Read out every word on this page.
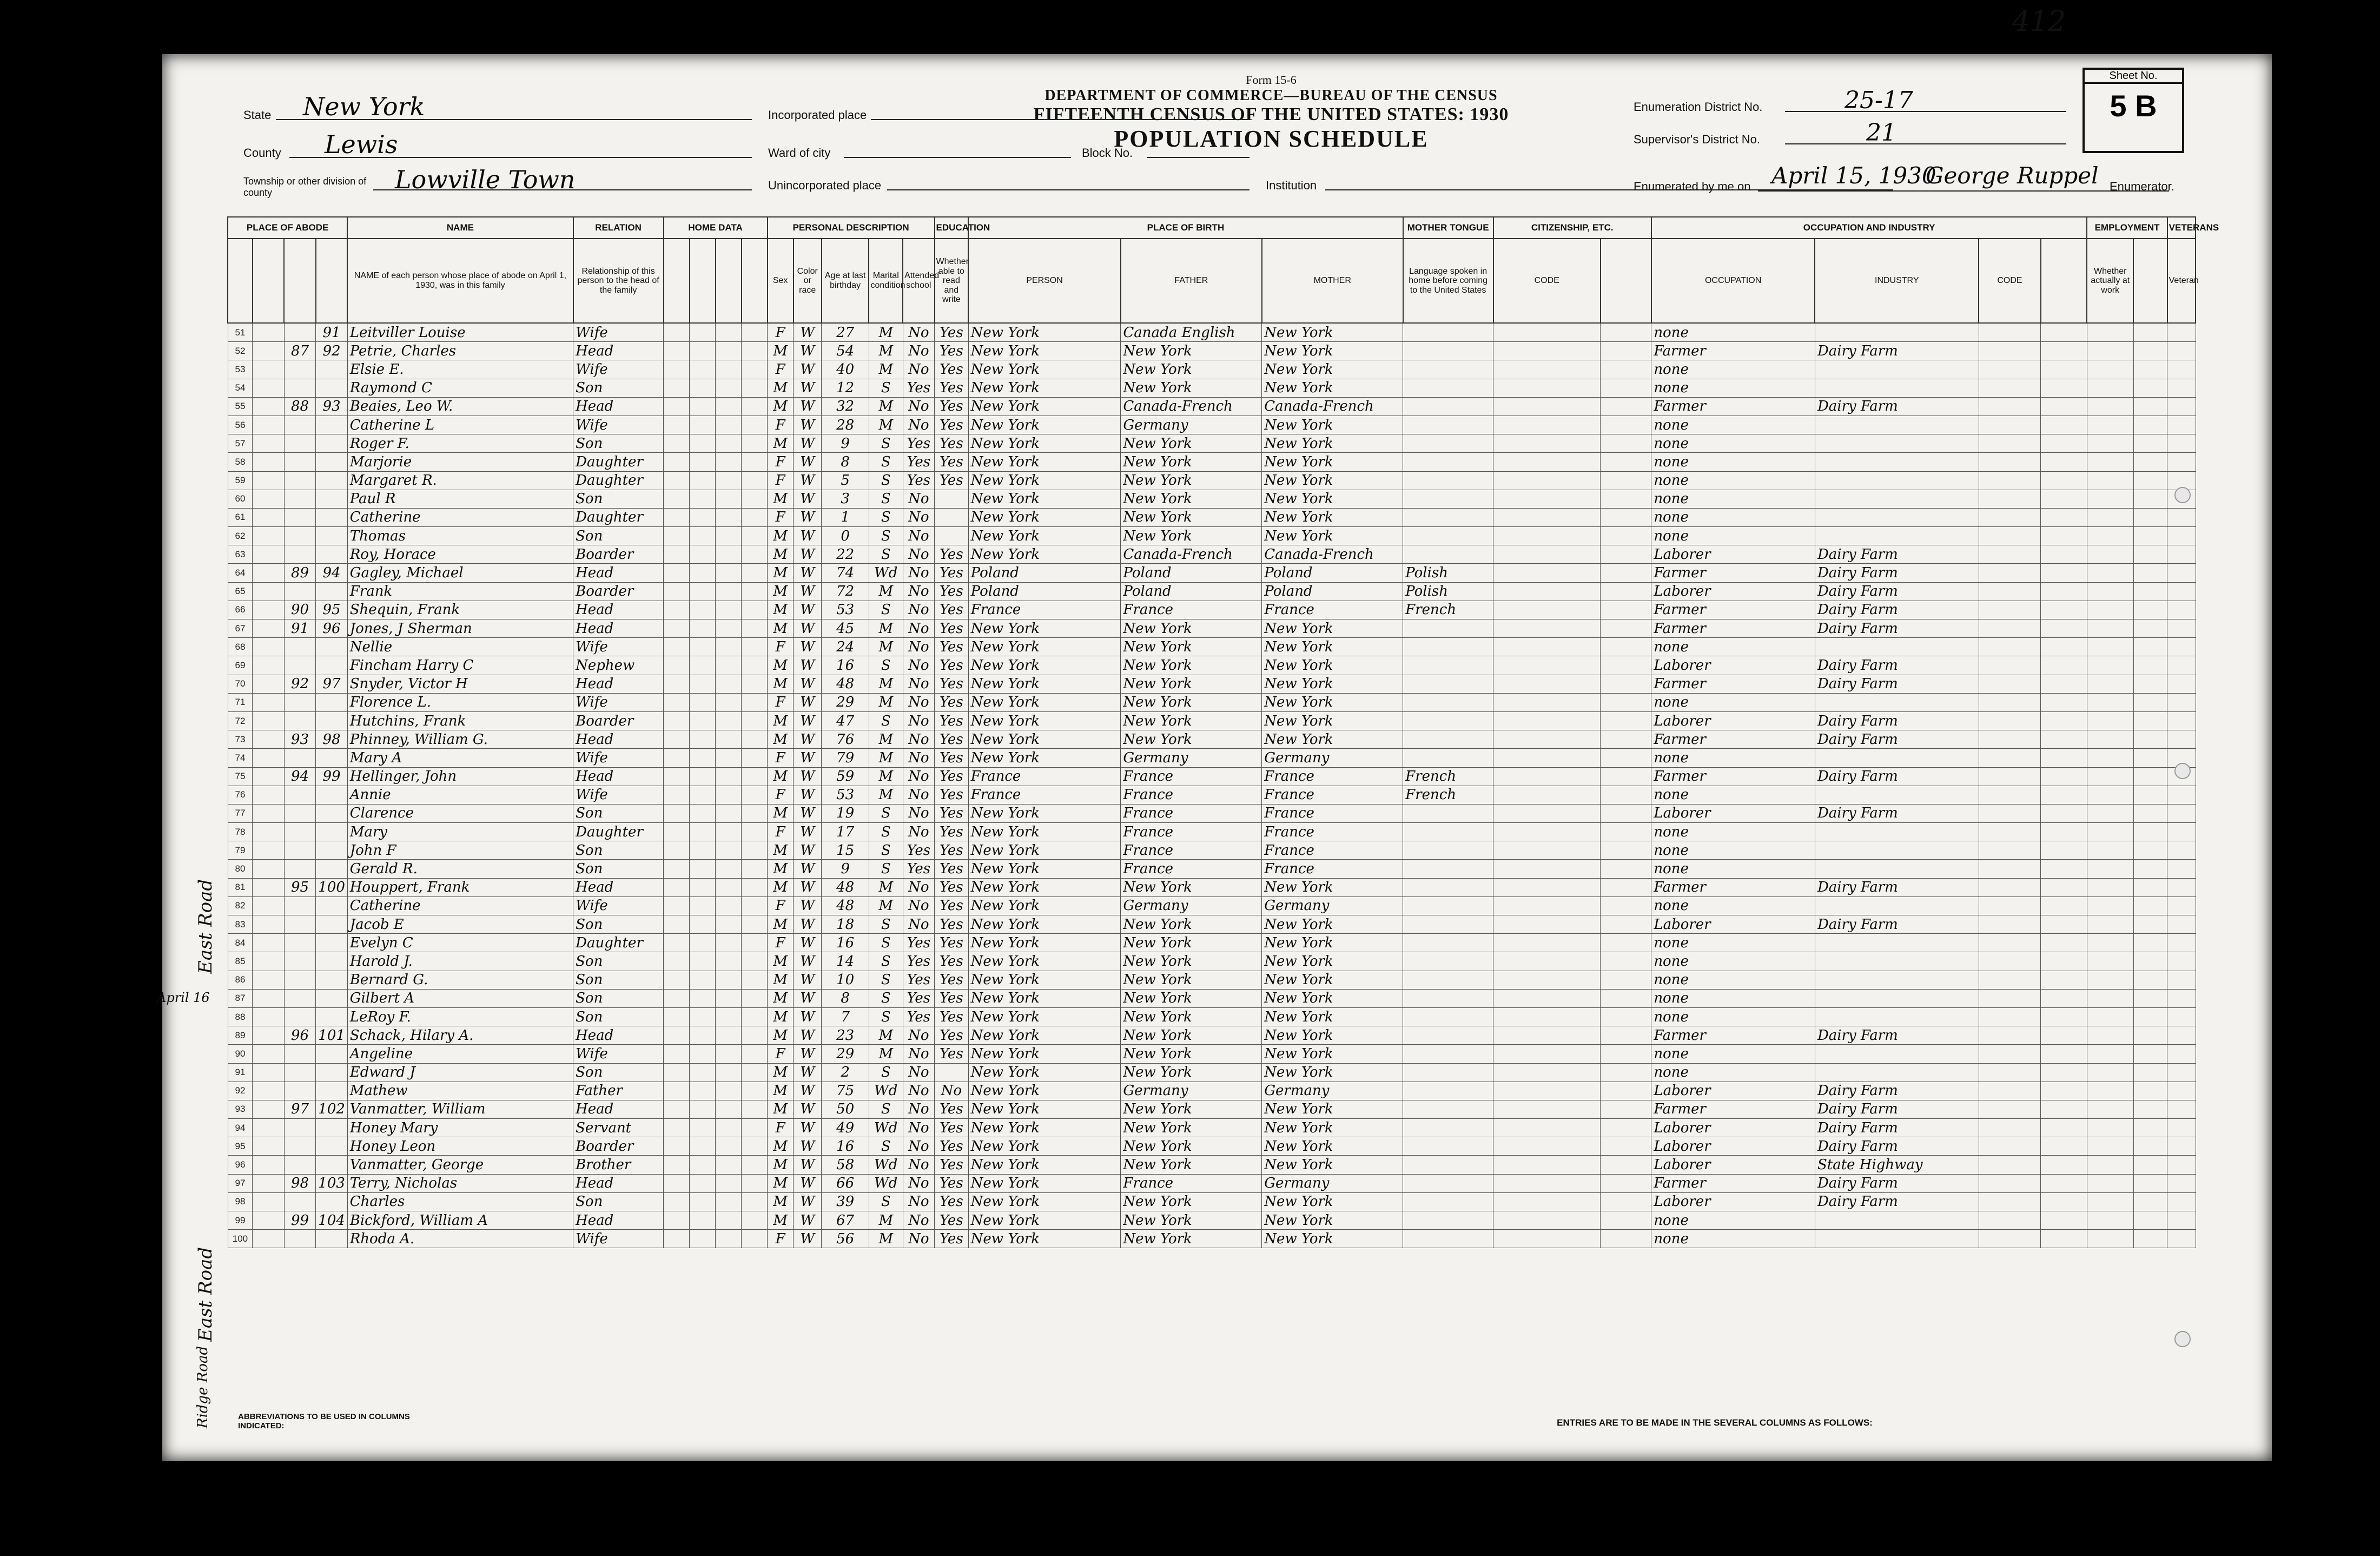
Form 15-6
DEPARTMENT OF COMMERCE—BUREAU OF THE CENSUS
FIFTEENTH CENSUS OF THE UNITED STATES: 1930
POPULATION SCHEDULE
State New York
County Lewis
Township or other division of county	Lowville Town
Incorporated place
Ward of city	Block No.
Unincorporated place	Institution
Enumeration District No.	25-17
Supervisor's District No.	21
Enumerated by me on April 15, 1930
George Ruppel Enumerator.
Sheet No.
5 B
PLACE OF ABODE				NAME	RELATION	HOME DATA				PERSONAL DESCRIPTION					EDUCATION	PLACE OF BIRTH			MOTHER TONGUE	CITIZENSHIP, ETC.		OCCUPATION AND INDUSTRY				EMPLOYMENT		VETERANS
				NAME of each person whose place of abode on April 1, 1930, was in this family	Relationship of this person to the head of the family					Sex	Color or race	Age at last birthday	Marital condition	Attended school	Whether able to read and write	PERSON	FATHER	MOTHER	Language spoken in home before coming to the United States	CODE		OCCUPATION	INDUSTRY	CODE		Whether actually at work		Veteran
51			91	Leitviller Louise	Wife					F	W	27	M	No	Yes	New York	Canada English	New York				none						
52		87	92	Petrie, Charles	Head					M	W	54	M	No	Yes	New York	New York	New York				Farmer	Dairy Farm					
53				Elsie E.	Wife					F	W	40	M	No	Yes	New York	New York	New York				none						
54				Raymond C	Son					M	W	12	S	Yes	Yes	New York	New York	New York				none						
55		88	93	Beaies, Leo W.	Head					M	W	32	M	No	Yes	New York	Canada-French	Canada-French				Farmer	Dairy Farm					
56				Catherine L	Wife					F	W	28	M	No	Yes	New York	Germany	New York				none						
57				Roger F.	Son					M	W	9	S	Yes	Yes	New York	New York	New York				none						
58				Marjorie	Daughter					F	W	8	S	Yes	Yes	New York	New York	New York				none						
59				Margaret R.	Daughter					F	W	5	S	Yes	Yes	New York	New York	New York				none						
60				Paul R	Son					M	W	3	S	No		New York	New York	New York				none						
61				Catherine	Daughter					F	W	1	S	No		New York	New York	New York				none						
62				Thomas	Son					M	W	0	S	No		New York	New York	New York				none						
63				Roy, Horace	Boarder					M	W	22	S	No	Yes	New York	Canada-French	Canada-French				Laborer	Dairy Farm					
64		89	94	Gagley, Michael	Head					M	W	74	Wd	No	Yes	Poland	Poland	Poland	Polish			Farmer	Dairy Farm					
65				Frank	Boarder					M	W	72	M	No	Yes	Poland	Poland	Poland	Polish			Laborer	Dairy Farm					
66		90	95	Shequin, Frank	Head					M	W	53	S	No	Yes	France	France	France	French			Farmer	Dairy Farm					
67		91	96	Jones, J Sherman	Head					M	W	45	M	No	Yes	New York	New York	New York				Farmer	Dairy Farm					
68				Nellie	Wife					F	W	24	M	No	Yes	New York	New York	New York				none						
69				Fincham Harry C	Nephew					M	W	16	S	No	Yes	New York	New York	New York				Laborer	Dairy Farm					
70		92	97	Snyder, Victor H	Head					M	W	48	M	No	Yes	New York	New York	New York				Farmer	Dairy Farm					
71				Florence L.	Wife					F	W	29	M	No	Yes	New York	New York	New York				none						
72				Hutchins, Frank	Boarder					M	W	47	S	No	Yes	New York	New York	New York				Laborer	Dairy Farm					
73		93	98	Phinney, William G.	Head					M	W	76	M	No	Yes	New York	New York	New York				Farmer	Dairy Farm					
74				Mary A	Wife					F	W	79	M	No	Yes	New York	Germany	Germany				none						
75		94	99	Hellinger, John	Head					M	W	59	M	No	Yes	France	France	France	French			Farmer	Dairy Farm					
76				Annie	Wife					F	W	53	M	No	Yes	France	France	France	French			none						
77				Clarence	Son					M	W	19	S	No	Yes	New York	France	France				Laborer	Dairy Farm					
78				Mary	Daughter					F	W	17	S	No	Yes	New York	France	France				none						
79				John F	Son					M	W	15	S	Yes	Yes	New York	France	France				none						
80				Gerald R.	Son					M	W	9	S	Yes	Yes	New York	France	France				none						
81		95	100	Houppert, Frank	Head					M	W	48	M	No	Yes	New York	New York	New York				Farmer	Dairy Farm					
82				Catherine	Wife					F	W	48	M	No	Yes	New York	Germany	Germany				none						
83				Jacob E	Son					M	W	18	S	No	Yes	New York	New York	New York				Laborer	Dairy Farm					
84				Evelyn C	Daughter					F	W	16	S	Yes	Yes	New York	New York	New York				none						
85				Harold J.	Son					M	W	14	S	Yes	Yes	New York	New York	New York				none						
86				Bernard G.	Son					M	W	10	S	Yes	Yes	New York	New York	New York				none						
87				Gilbert A	Son					M	W	8	S	Yes	Yes	New York	New York	New York				none						
88				LeRoy F.	Son					M	W	7	S	Yes	Yes	New York	New York	New York				none						
89		96	101	Schack, Hilary A.	Head					M	W	23	M	No	Yes	New York	New York	New York				Farmer	Dairy Farm					
90				Angeline	Wife					F	W	29	M	No	Yes	New York	New York	New York				none						
91				Edward J	Son					M	W	2	S	No		New York	New York	New York				none						
92				Mathew	Father					M	W	75	Wd	No	No	New York	Germany	Germany				Laborer	Dairy Farm					
93		97	102	Vanmatter, William	Head					M	W	50	S	No	Yes	New York	New York	New York				Farmer	Dairy Farm					
94				Honey Mary	Servant					F	W	49	Wd	No	Yes	New York	New York	New York				Laborer	Dairy Farm					
95				Honey Leon	Boarder					M	W	16	S	No	Yes	New York	New York	New York				Laborer	Dairy Farm					
96				Vanmatter, George	Brother					M	W	58	Wd	No	Yes	New York	New York	New York				Laborer	State Highway					
97		98	103	Terry, Nicholas	Head					M	W	66	Wd	No	Yes	New York	France	Germany				Farmer	Dairy Farm					
98				Charles	Son					M	W	39	S	No	Yes	New York	New York	New York				Laborer	Dairy Farm					
99		99	104	Bickford, William A	Head					M	W	67	M	No	Yes	New York	New York	New York				none						
100				Rhoda A.	Wife					F	W	56	M	No	Yes	New York	New York	New York				none						
ABBREVIATIONS TO BE USED IN COLUMNS INDICATED:	ENTRIES ARE TO BE MADE IN THE SEVERAL COLUMNS AS FOLLOWS:
East Road
East Road
Ridge Road
April 16
412
